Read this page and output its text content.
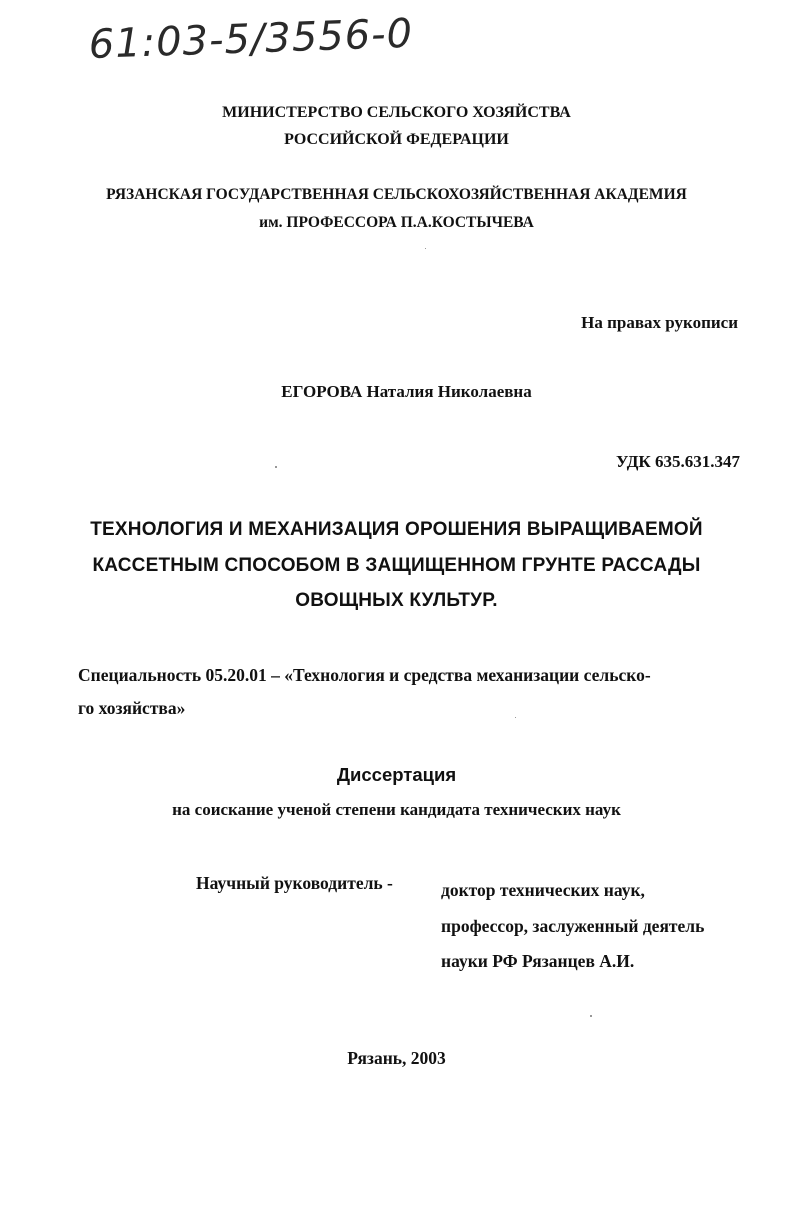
61:03-5/3556-0
МИНИСТЕРСТВО СЕЛЬСКОГО ХОЗЯЙСТВА
РОССИЙСКОЙ ФЕДЕРАЦИИ
РЯЗАНСКАЯ ГОСУДАРСТВЕННАЯ СЕЛЬСКОХОЗЯЙСТВЕННАЯ АКАДЕМИЯ
им. ПРОФЕССОРА П.А.КОСТЫЧЕВА
На правах рукописи
ЕГОРОВА Наталия Николаевна
УДК 635.631.347
ТЕХНОЛОГИЯ И МЕХАНИЗАЦИЯ ОРОШЕНИЯ ВЫРАЩИВАЕМОЙ
КАССЕТНЫМ СПОСОБОМ В ЗАЩИЩЕННОМ ГРУНТЕ РАССАДЫ
ОВОЩНЫХ КУЛЬТУР.
Специальность 05.20.01 – «Технология и средства механизации сельско-
го хозяйства»
Диссертация
на соискание ученой степени кандидата технических наук
Научный руководитель -	доктор технических наук,
профессор, заслуженный деятель
науки РФ Рязанцев А.И.
Рязань, 2003
